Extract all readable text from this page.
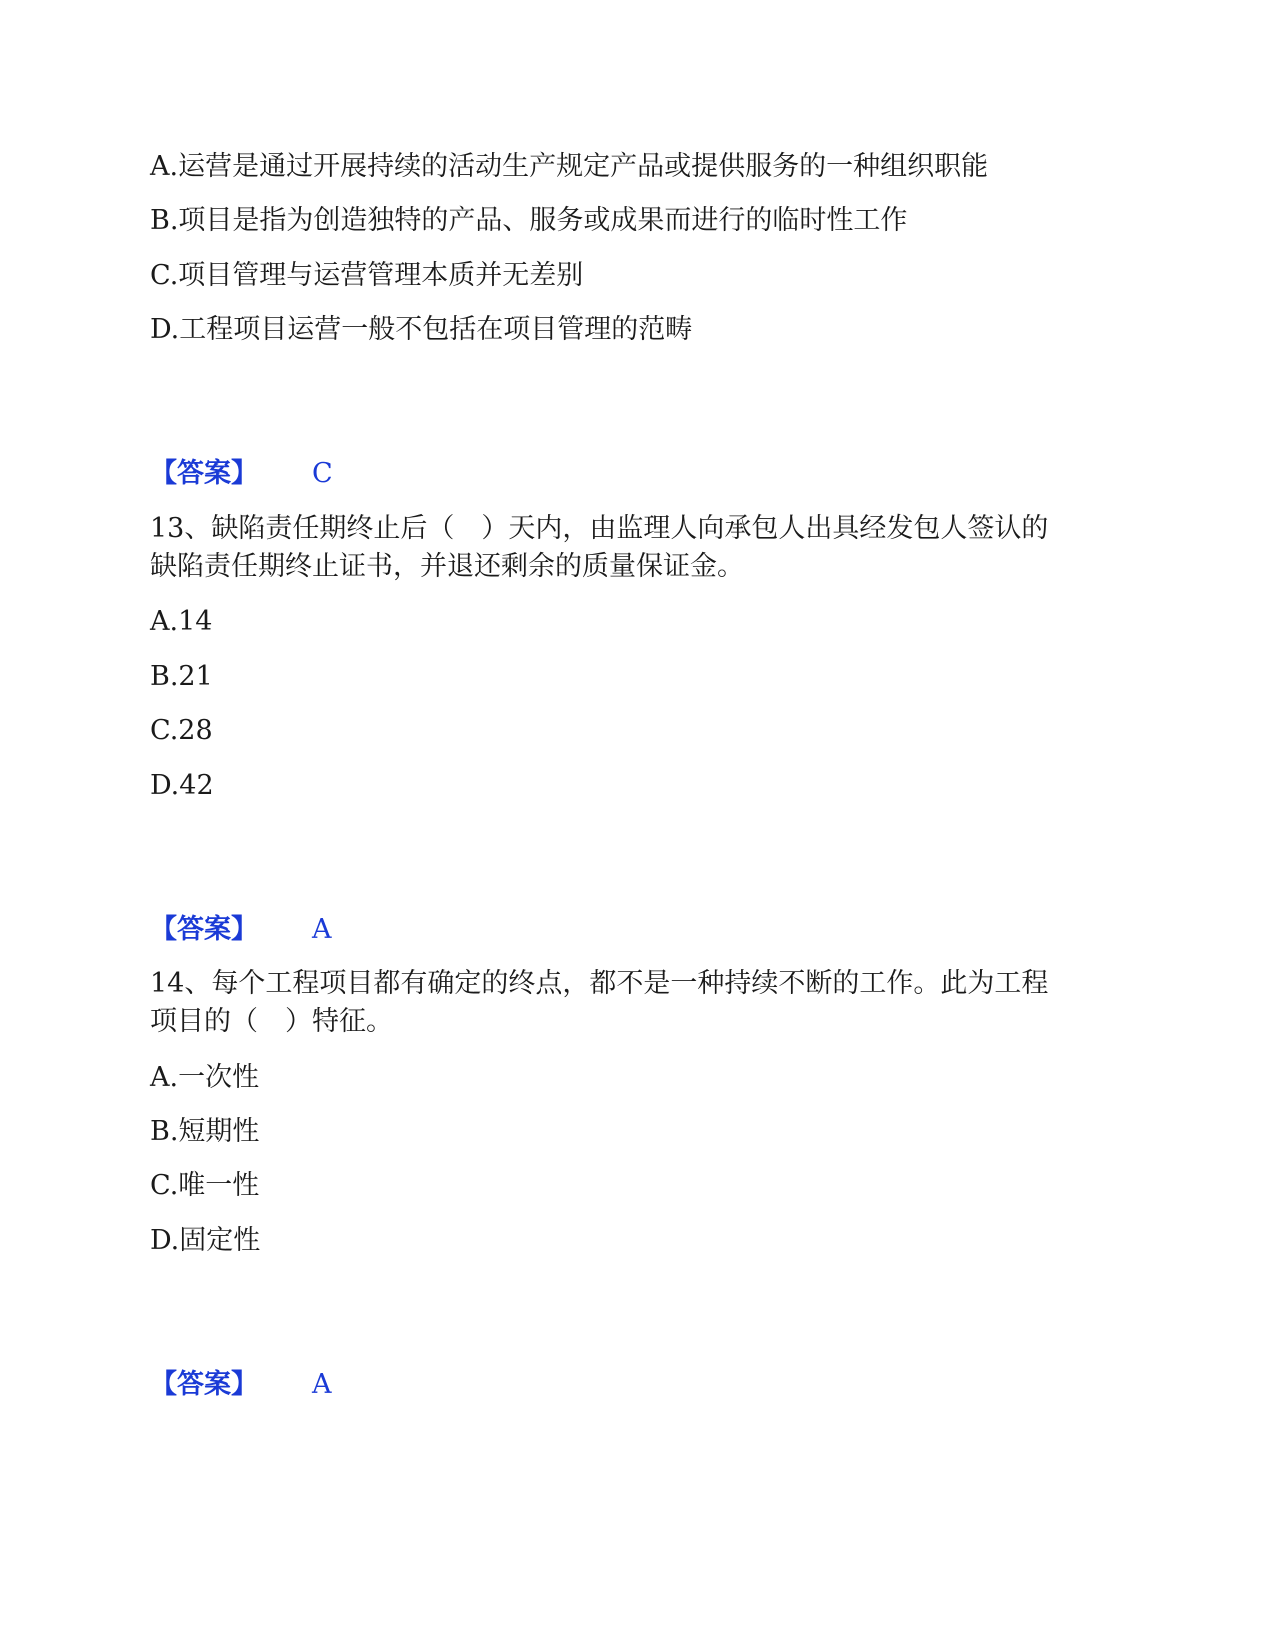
A.运营是通过开展持续的活动生产规定产品或提供服务的一种组织职能

B.项目是指为创造独特的产品、服务或成果而进行的临时性工作

C.项目管理与运营管理本质并无差别

D.工程项目运营一般不包括在项目管理的范畴

【答案】 C

13、缺陷责任期终止后（　）天内，由监理人向承包人出具经发包人签认的

缺陷责任期终止证书，并退还剩余的质量保证金。

A.14

B.21

C.28

D.42

【答案】 A

14、每个工程项目都有确定的终点，都不是一种持续不断的工作。此为工程

项目的（　）特征。

A.一次性

B.短期性

C.唯一性

D.固定性

【答案】 A
